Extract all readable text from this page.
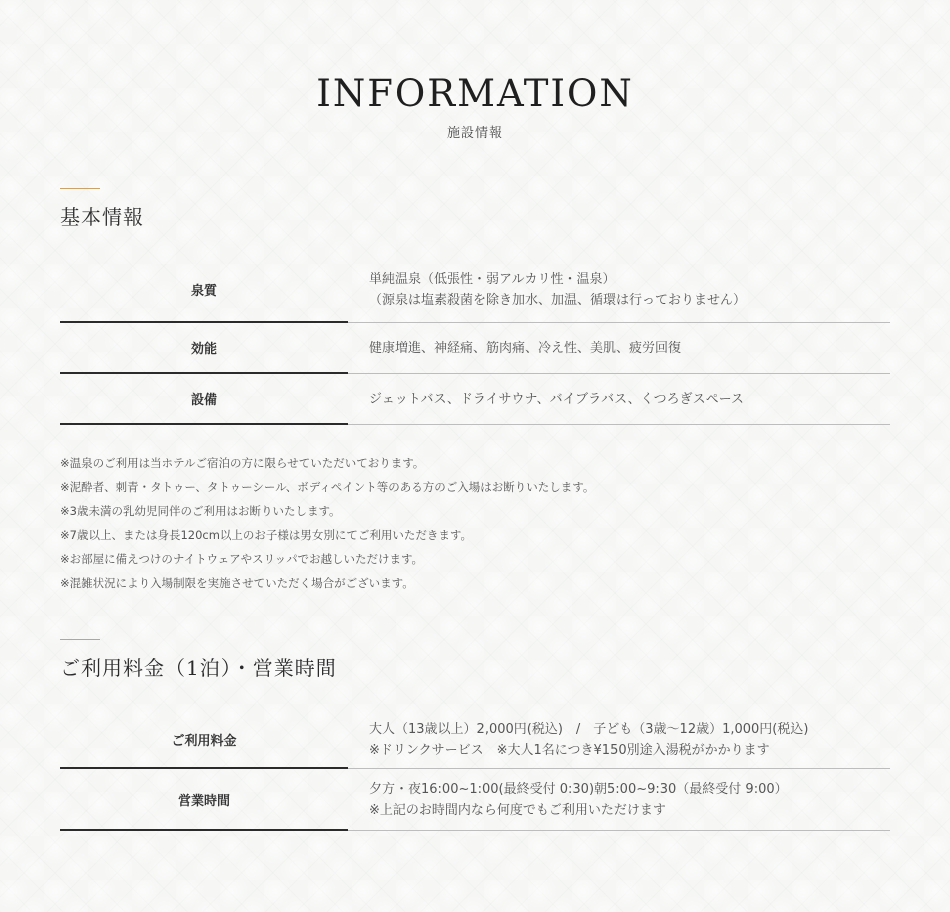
INFORMATION
施設情報
基本情報
泉質
単純温泉（低張性・弱アルカリ性・温泉）
（源泉は塩素殺菌を除き加水、加温、循環は行っておりません）
効能	健康増進、神経痛、筋肉痛、冷え性、美肌、疲労回復
設備	ジェットバス、ドライサウナ、バイブラバス、くつろぎスペース
※温泉のご利用は当ホテルご宿泊の方に限らせていただいております。
※泥酔者、刺青・タトゥー、タトゥーシール、ボディペイント等のある方のご入場はお断りいたします。
※3歳未満の乳幼児同伴のご利用はお断りいたします。
※7歳以上、または身長120cm以上のお子様は男女別にてご利用いただきます。
※お部屋に備えつけのナイトウェアやスリッパでお越しいただけます。
※混雑状況により入場制限を実施させていただく場合がございます。
ご利用料金（1泊）・営業時間
ご利用料金
大人（13歳以上）2,000円(税込)　/　子ども（3歳〜12歳）1,000円(税込)
※ドリンクサービス　※大人1名につき¥150別途入湯税がかかります
営業時間
夕方・夜16:00~1:00(最終受付 0:30)朝5:00~9:30（最終受付 9:00）
※上記のお時間内なら何度でもご利用いただけます
